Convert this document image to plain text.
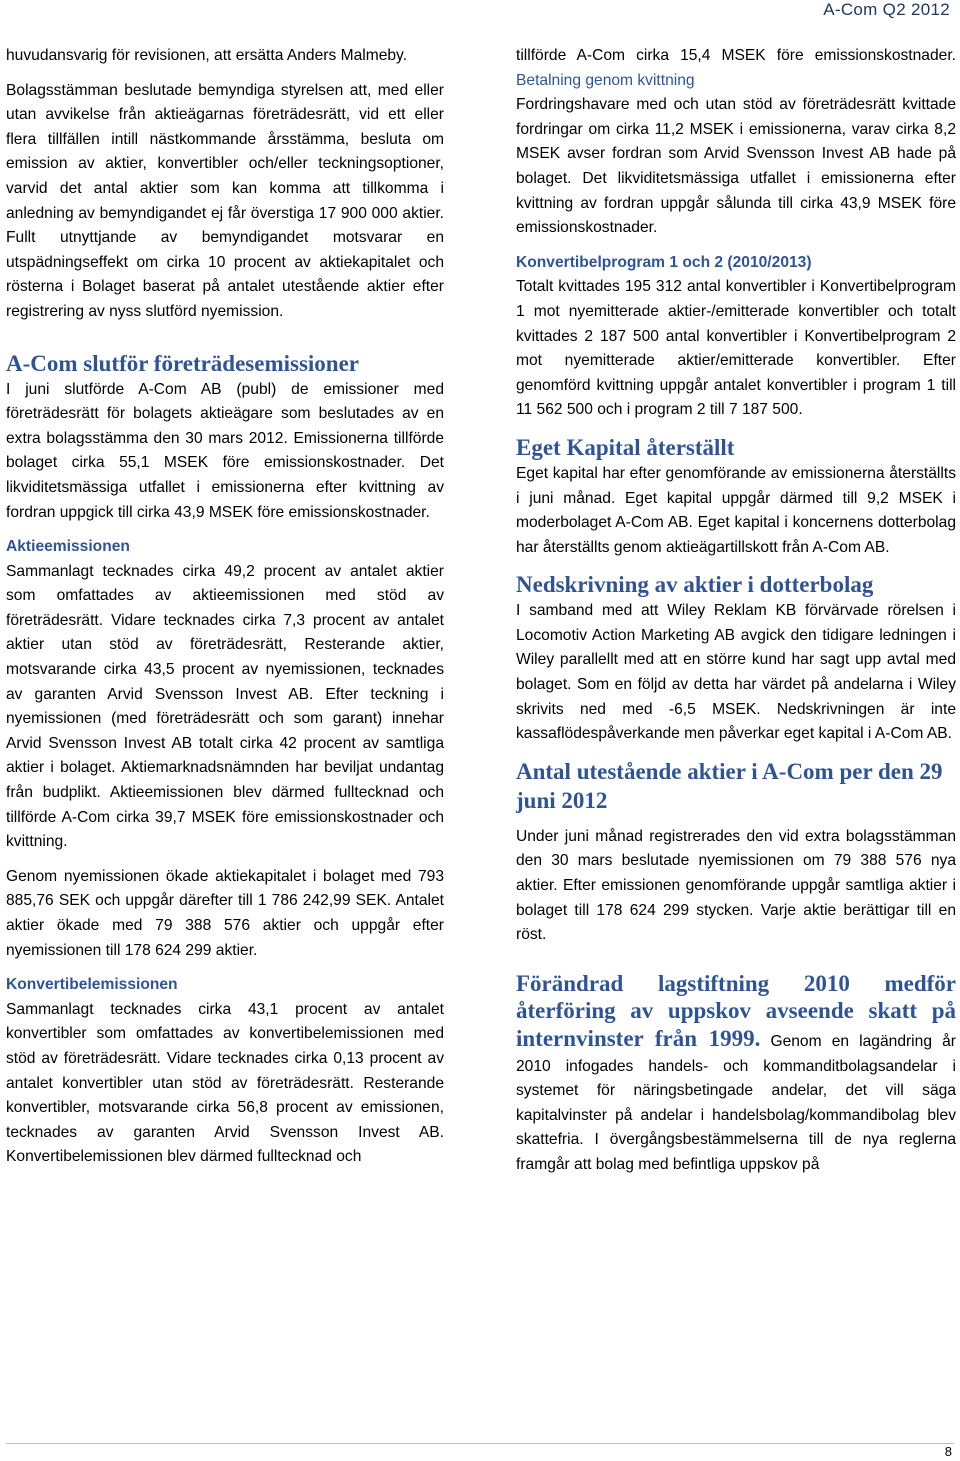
A-Com Q2 2012

huvudansvarig för revisionen, att ersätta Anders Malmeby.

Bolagsstämman beslutade bemyndiga styrelsen att, med eller utan avvikelse från aktieägarnas företrädesrätt, vid ett eller flera tillfällen intill nästkommande årsstämma, besluta om emission av aktier, konvertibler och/eller teckningsoptioner, varvid det antal aktier som kan komma att tillkomma i anledning av bemyndigandet ej får överstiga 17 900 000 aktier. Fullt utnyttjande av bemyndigandet motsvarar en utspädningseffekt om cirka 10 procent av aktiekapitalet och rösterna i Bolaget baserat på antalet utestående aktier efter registrering av nyss slutförd nyemission.

A-Com slutför företrädesemissioner

I juni slutförde A-Com AB (publ) de emissioner med företrädesrätt för bolagets aktieägare som beslutades av en extra bolagsstämma den 30 mars 2012. Emissionerna tillförde bolaget cirka 55,1 MSEK före emissionskostnader. Det likviditetsmässiga utfallet i emissionerna efter kvittning av fordran uppgick till cirka 43,9 MSEK före emissionskostnader.

Aktieemissionen

Sammanlagt tecknades cirka 49,2 procent av antalet aktier som omfattades av aktieemissionen med stöd av företrädesrätt. Vidare tecknades cirka 7,3 procent av antalet aktier utan stöd av företrädesrätt, Resterande aktier, motsvarande cirka 43,5 procent av nyemissionen, tecknades av garanten Arvid Svensson Invest AB. Efter teckning i nyemissionen (med företrädesrätt och som garant) innehar Arvid Svensson Invest AB totalt cirka 42 procent av samtliga aktier i bolaget. Aktiemarknadsnämnden har beviljat undantag från budplikt. Aktieemissionen blev därmed fulltecknad och tillförde A-Com cirka 39,7 MSEK före emissionskostnader och kvittning.

Genom nyemissionen ökade aktiekapitalet i bolaget med 793 885,76 SEK och uppgår därefter till 1 786 242,99 SEK. Antalet aktier ökade med 79 388 576 aktier och uppgår efter nyemissionen till 178 624 299 aktier.

Konvertibelemissionen

Sammanlagt tecknades cirka 43,1 procent av antalet konvertibler som omfattades av konvertibelemissionen med stöd av företrädesrätt. Vidare tecknades cirka 0,13 procent av antalet konvertibler utan stöd av företrädesrätt. Resterande konvertibler, motsvarande cirka 56,8 procent av emissionen, tecknades av garanten Arvid Svensson Invest AB. Konvertibelemissionen blev därmed fulltecknad och

tillförde A-Com cirka 15,4 MSEK före emissionskostnader. Betalning genom kvittning

Fordringshavare med och utan stöd av företrädesrätt kvittade fordringar om cirka 11,2 MSEK i emissionerna, varav cirka 8,2 MSEK avser fordran som Arvid Svensson Invest AB hade på bolaget. Det likviditetsmässiga utfallet i emissionerna efter kvittning av fordran uppgår sålunda till cirka 43,9 MSEK före emissionskostnader.

Konvertibelprogram 1 och 2 (2010/2013)

Totalt kvittades 195 312 antal konvertibler i Konvertibelprogram 1 mot nyemitterade aktier-/emitterade konvertibler och totalt kvittades 2 187 500 antal konvertibler i Konvertibelprogram 2 mot nyemitterade aktier/emitterade konvertibler. Efter genomförd kvittning uppgår antalet konvertibler i program 1 till 11 562 500 och i program 2 till 7 187 500.

Eget Kapital återställt

Eget kapital har efter genomförande av emissionerna återställts i juni månad. Eget kapital uppgår därmed till 9,2 MSEK i moderbolaget A-Com AB. Eget kapital i koncernens dotterbolag har återställts genom aktieägartillskott från A-Com AB.

Nedskrivning av aktier i dotterbolag

I samband med att Wiley Reklam KB förvärvade rörelsen i Locomotiv Action Marketing AB avgick den tidigare ledningen i Wiley parallellt med att en större kund har sagt upp avtal med bolaget. Som en följd av detta har värdet på andelarna i Wiley skrivits ned med -6,5 MSEK. Nedskrivningen är inte kassaflödespåverkande men påverkar eget kapital i A-Com AB.

Antal utestående aktier i A-Com per den 29 juni 2012

Under juni månad registrerades den vid extra bolagsstämman den 30 mars beslutade nyemissionen om 79 388 576 nya aktier. Efter emissionen genomförande uppgår samtliga aktier i bolaget till 178 624 299 stycken. Varje aktie berättigar till en röst.

Förändrad lagstiftning 2010 medför återföring av uppskov avseende skatt på internvinster från 1999. Genom en lagändring år 2010 infogades handels- och kommanditbolagsandelar i systemet för näringsbetingade andelar, det vill säga kapitalvinster på andelar i handelsbolag/kommandibolag blev skattefria. I övergångsbestämmelserna till de nya reglerna framgår att bolag med befintliga uppskov på

8
